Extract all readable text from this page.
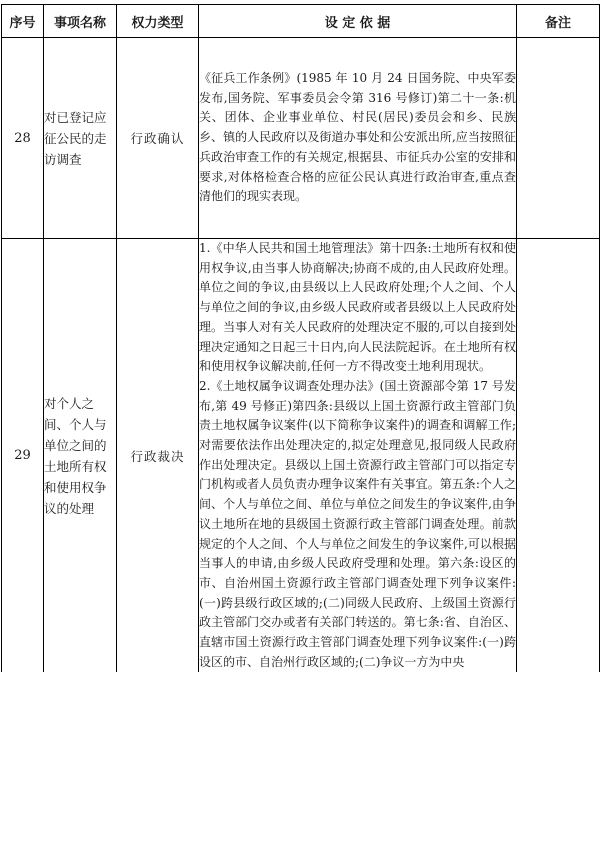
序号	事项名称	权力类型	设 定 依 据	备注
28	对已登记应征公民的走访调查	行政确认	《征兵工作条例》(1985 年 10 月 24 日国务院、中央军委发布,国务院、军事委员会令第 316 号修订)第二十一条:机关、团体、企业事业单位、村民(居民)委员会和乡、民族乡、镇的人民政府以及街道办事处和公安派出所,应当按照征兵政治审查工作的有关规定,根据县、市征兵办公室的安排和要求,对体格检查合格的应征公民认真进行政治审查,重点查清他们的现实表现。	

29	对个人之间、个人与单位之间的土地所有权和使用权争议的处理	行政裁决	1.《中华人民共和国土地管理法》第十四条:土地所有权和使用权争议,由当事人协商解决;协商不成的,由人民政府处理。单位之间的争议,由县级以上人民政府处理;个人之间、个人与单位之间的争议,由乡级人民政府或者县级以上人民政府处理。当事人对有关人民政府的处理决定不服的,可以自接到处理决定通知之日起三十日内,向人民法院起诉。在土地所有权和使用权争议解决前,任何一方不得改变土地利用现状。

2.《土地权属争议调查处理办法》(国土资源部令第 17 号发布,第 49 号修正)第四条:县级以上国土资源行政主管部门负责土地权属争议案件(以下简称争议案件)的调查和调解工作;对需要依法作出处理决定的,拟定处理意见,报同级人民政府作出处理决定。县级以上国土资源行政主管部门可以指定专门机构或者人员负责办理争议案件有关事宜。第五条:个人之间、个人与单位之间、单位与单位之间发生的争议案件,由争议土地所在地的县级国土资源行政主管部门调查处理。前款规定的个人之间、个人与单位之间发生的争议案件,可以根据当事人的申请,由乡级人民政府受理和处理。第六条:设区的市、自治州国土资源行政主管部门调查处理下列争议案件:(一)跨县级行政区域的;(二)同级人民政府、上级国土资源行政主管部门交办或者有关部门转送的。第七条:省、自治区、直辖市国土资源行政主管部门调查处理下列争议案件:(一)跨设区的市、自治州行政区域的;(二)争议一方为中央	
